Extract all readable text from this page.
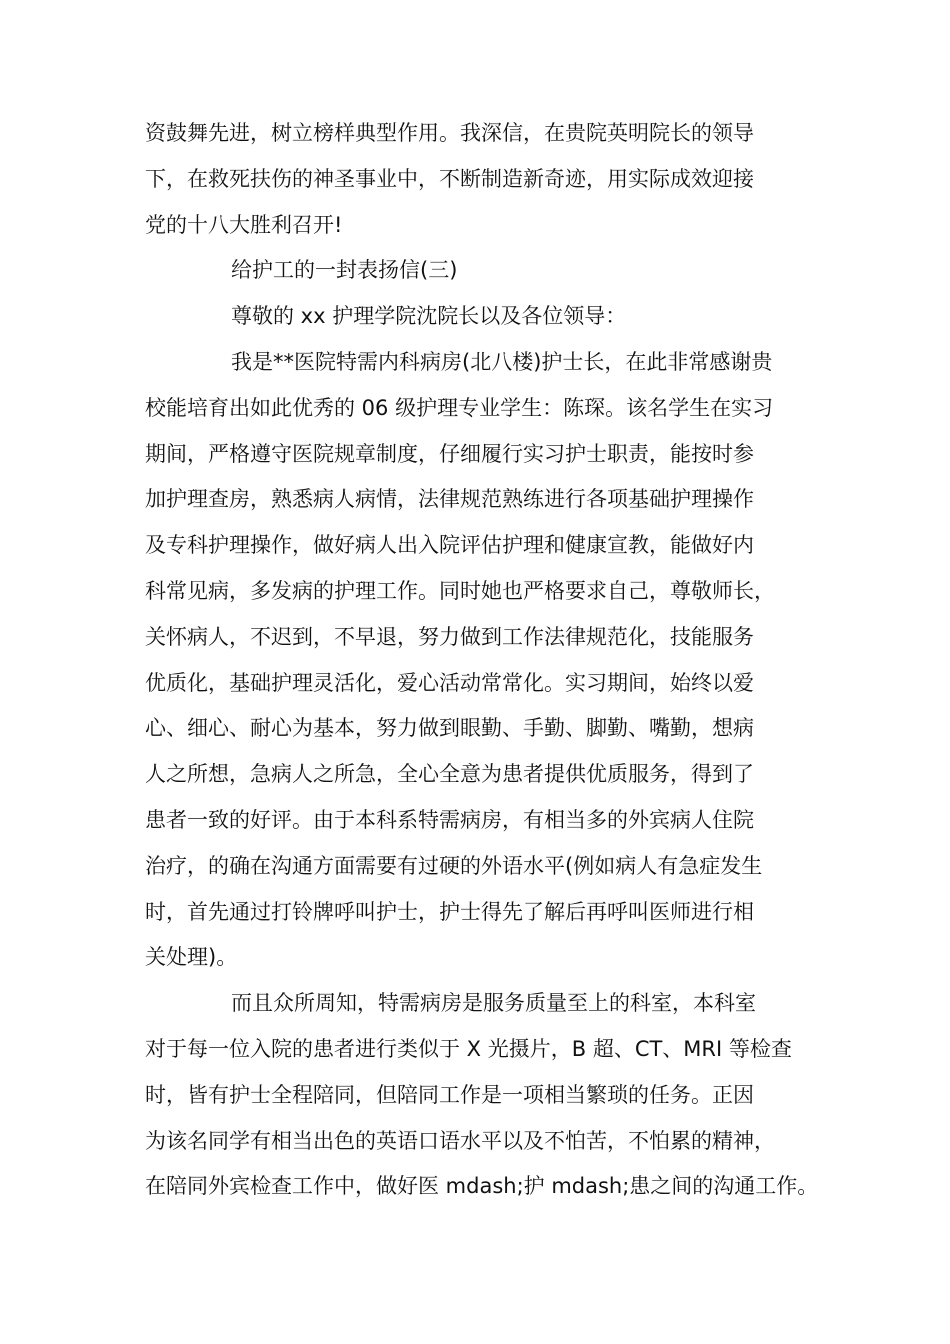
资鼓舞先进，树立榜样典型作用。我深信，在贵院英明院长的领导
下，在救死扶伤的神圣事业中，不断制造新奇迹，用实际成效迎接
党的十八大胜利召开!
给护工的一封表扬信(三)
尊敬的 xx 护理学院沈院长以及各位领导：
我是**医院特需内科病房(北八楼)护士长，在此非常感谢贵
校能培育出如此优秀的 06 级护理专业学生：陈琛。该名学生在实习
期间，严格遵守医院规章制度，仔细履行实习护士职责，能按时参
加护理查房，熟悉病人病情，法律规范熟练进行各项基础护理操作
及专科护理操作，做好病人出入院评估护理和健康宣教，能做好内
科常见病，多发病的护理工作。同时她也严格要求自己，尊敬师长，
关怀病人，不迟到，不早退，努力做到工作法律规范化，技能服务
优质化，基础护理灵活化，爱心活动常常化。实习期间，始终以爱
心、细心、耐心为基本，努力做到眼勤、手勤、脚勤、嘴勤，想病
人之所想，急病人之所急，全心全意为患者提供优质服务，得到了
患者一致的好评。由于本科系特需病房，有相当多的外宾病人住院
治疗，的确在沟通方面需要有过硬的外语水平(例如病人有急症发生
时，首先通过打铃牌呼叫护士，护士得先了解后再呼叫医师进行相
关处理)。
而且众所周知，特需病房是服务质量至上的科室，本科室
对于每一位入院的患者进行类似于 X 光摄片，B 超、CT、MRI 等检查
时，皆有护士全程陪同，但陪同工作是一项相当繁琐的任务。正因
为该名同学有相当出色的英语口语水平以及不怕苦，不怕累的精神，
在陪同外宾检查工作中，做好医 mdash;护 mdash;患之间的沟通工作。
